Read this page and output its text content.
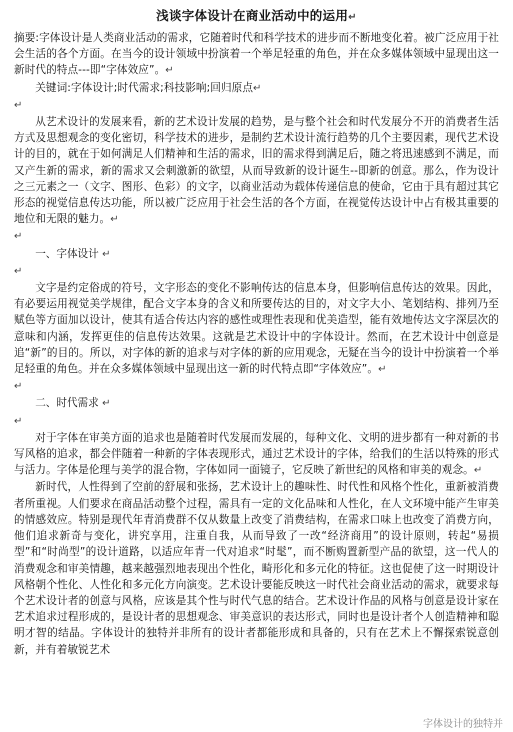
浅谈字体设计在商业活动中的运用↵

摘要:字体设计是人类商业活动的需求，它随着时代和科学技术的进步而不断地变化着。被广泛应用于社会生活的各个方面。在当今的设计领域中扮演着一个举足轻重的角色，并在众多媒体领域中显现出这一新时代的特点---即“字体效应”。↵

关键词:字体设计;时代需求;科技影响;回归原点↵

↵

从艺术设计的发展来看，新的艺术设计发展的趋势，是与整个社会和时代发展分不开的消费者生活方式及思想观念的变化密切，科学技术的进步，是制约艺术设计流行趋势的几个主要因素，现代艺术设计的目的，就在于如何满足人们精神和生活的需求，旧的需求得到满足后，随之将迅速感到不满足，而又产生新的需求，新的需求又会刺激新的欲望，从而导致新的设计诞生--即新的创意。那么，作为设计之三元素之一（文字、图形、色彩）的文字，以商业活动为载体传递信息的使命，它由于具有超过其它形态的视觉信息传达功能，所以被广泛应用于社会生活的各个方面，在视觉传达设计中占有极其重要的地位和无限的魅力。↵

↵

一、字体设计 ↵

↵

文字是约定俗成的符号，文字形态的变化不影响传达的信息本身，但影响信息传达的效果。因此，有必要运用视觉美学规律，配合文字本身的含义和所要传达的目的，对文字大小、笔划结构、排列乃至赋色等方面加以设计，使其有适合传达内容的感性或理性表现和优美造型，能有效地传达文字深层次的意味和内涵，发挥更佳的信息传达效果。这就是艺术设计中的字体设计。然而，在艺术设计中创意是追“新”的目的。所以，对字体的新的追求与对字体的新的应用观念，无疑在当今的设计中扮演着一个举足轻重的角色。并在众多媒体领域中显现出这一新的时代特点即“字体效应”。↵

↵

二、时代需求 ↵

↵

对于字体在审美方面的追求也是随着时代发展而发展的，每种文化、文明的进步都有一种对新的书写风格的追求，都会伴随着一种新的字体表现形式，通过艺术设计的字体，给我们的生活以特殊的形式与活力。字体是伦理与美学的混合物，字体如同一面镜子，它反映了新世纪的风格和审美的观念。↵

新时代，人性得到了空前的舒展和张扬，艺术设计上的趣味性、时代性和风格个性化，重新被消费者所重视。人们要求在商品活动整个过程，需具有一定的文化品味和人性化，在人文环境中能产生审美的情感效应。特别是现代年青消费群不仅从数量上改变了消费结构，在需求口味上也改变了消费方向，他们追求新奇与变化，讲究享用，注重自我，从而导致了一改“经济商用”的设计原则，转起“易损型”和“时尚型”的设计道路，以适应年青一代对追求“时髦”，而不断购置新型产品的欲望，这一代人的消费观念和审美情趣，越来越强烈地表现出个性化，畸形化和多元化的特征。这也促使了这一时期设计风格朝个性化、人性化和多元化方向演变。艺术设计要能反映这一时代社会商业活动的需求，就要求每个艺术设计者的创意与风格，应该是其个性与时代气息的结合。艺术设计作品的风格与创意是设计家在艺术追求过程形成的，是设计者的思想观念、审美意识的表达形式，同时也是设计者个人创造精神和聪明才智的结晶。字体设计的独特并非所有的设计者都能形成和具备的，只有在艺术上不懈探索锐意创新，并有着敏锐艺术

字体设计的独特并
